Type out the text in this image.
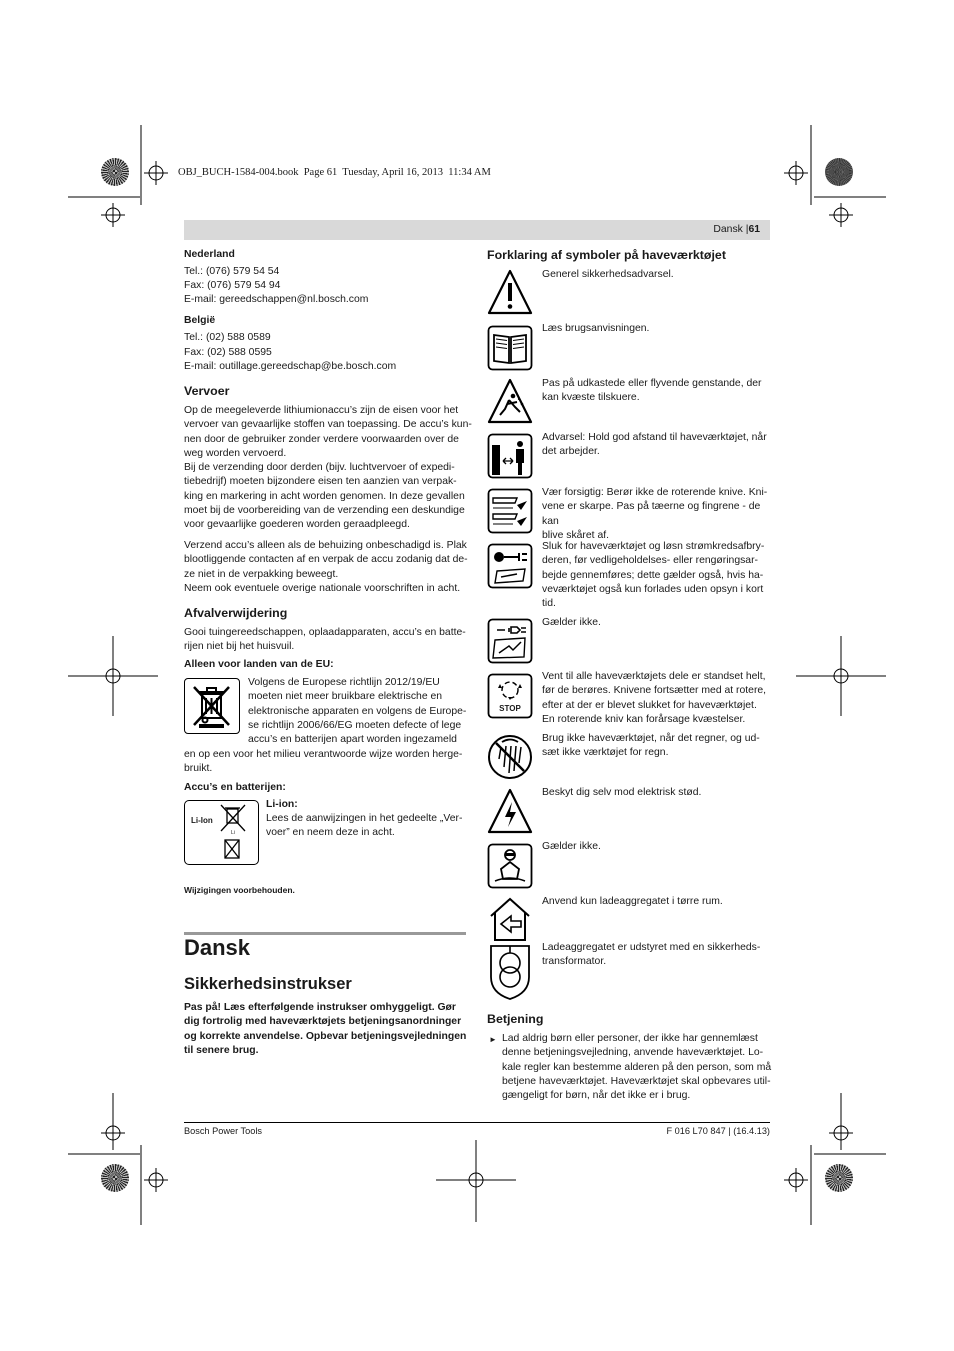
OBJ_BUCH-1584-004.book  Page 61  Tuesday, April 16, 2013  11:34 AM
Dansk |61
Nederland
Tel.: (076) 579 54 54
Fax: (076) 579 54 94
E-mail: gereedschappen@nl.bosch.com
België
Tel.: (02) 588 0589
Fax: (02) 588 0595
E-mail: outillage.gereedschap@be.bosch.com
Vervoer
Op de meegeleverde lithiumionaccu’s zijn de eisen voor het
vervoer van gevaarlijke stoffen van toepassing. De accu’s kun-
nen door de gebruiker zonder verdere voorwaarden over de
weg worden vervoerd.
Bij de verzending door derden (bijv. luchtvervoer of expedi-
tiebedrijf) moeten bijzondere eisen ten aanzien van verpak-
king en markering in acht worden genomen. In deze gevallen
moet bij de voorbereiding van de verzending een deskundige
voor gevaarlijke goederen worden geraadpleegd.
Verzend accu’s alleen als de behuizing onbeschadigd is. Plak
blootliggende contacten af en verpak de accu zodanig dat de-
ze niet in de verpakking beweegt.
Neem ook eventuele overige nationale voorschriften in acht.
Afvalverwijdering
Gooi tuingereedschappen, oplaadapparaten, accu’s en batte-
rijen niet bij het huisvuil.
Alleen voor landen van de EU:
Volgens de Europese richtlijn 2012/19/EU
moeten niet meer bruikbare elektrische en
elektronische apparaten en volgens de Europe-
se richtlijn 2006/66/EG moeten defecte of lege
accu’s en batterijen apart worden ingezameld
en op een voor het milieu verantwoorde wijze worden herge-
bruikt.
Accu’s en batterijen:
Li-Ion
Li
Li-ion:
Lees de aanwijzingen in het gedeelte „Ver-
voer” en neem deze in acht.
Wijzigingen voorbehouden.
Dansk
Sikkerhedsinstrukser
Pas på! Læs efterfølgende instrukser omhyggeligt. Gør
dig fortrolig med haveværktøjets betjeningsanordninger
og korrekte anvendelse. Opbevar betjeningsvejledningen
til senere brug.
Forklaring af symboler på haveværktøjet
Generel sikkerhedsadvarsel.
Læs brugsanvisningen.
Pas på udkastede eller flyvende genstande, der
kan kvæste tilskuere.
Advarsel: Hold god afstand til haveværktøjet, når
det arbejder.
Vær forsigtig: Berør ikke de roterende knive. Kni-
vene er skarpe. Pas på tæerne og fingrene - de kan
blive skåret af.
Sluk for haveværktøjet og løsn strømkredsafbry-
deren, før vedligeholdelses- eller rengøringsar-
bejde gennemføres; dette gælder også, hvis ha-
veværktøjet også kun forlades uden opsyn i kort
tid.
Gælder ikke.
STOP
Vent til alle haveværktøjets dele er standset helt,
før de berøres. Knivene fortsætter med at rotere,
efter at der er blevet slukket for haveværktøjet.
En roterende kniv kan forårsage kvæstelser.
Brug ikke haveværktøjet, når det regner, og ud-
sæt ikke værktøjet for regn.
Beskyt dig selv mod elektrisk stød.
Gælder ikke.
Anvend kun ladeaggregatet i tørre rum.
Ladeaggregatet er udstyret med en sikkerheds-
transformator.
Betjening
► Lad aldrig børn eller personer, der ikke har gennemlæst
denne betjeningsvejledning, anvende haveværktøjet. Lo-
kale regler kan bestemme alderen på den person, som må
betjene haveværktøjet. Haveværktøjet skal opbevares util-
gængeligt for børn, når det ikke er i brug.
Bosch Power Tools	F 016 L70 847 | (16.4.13)
